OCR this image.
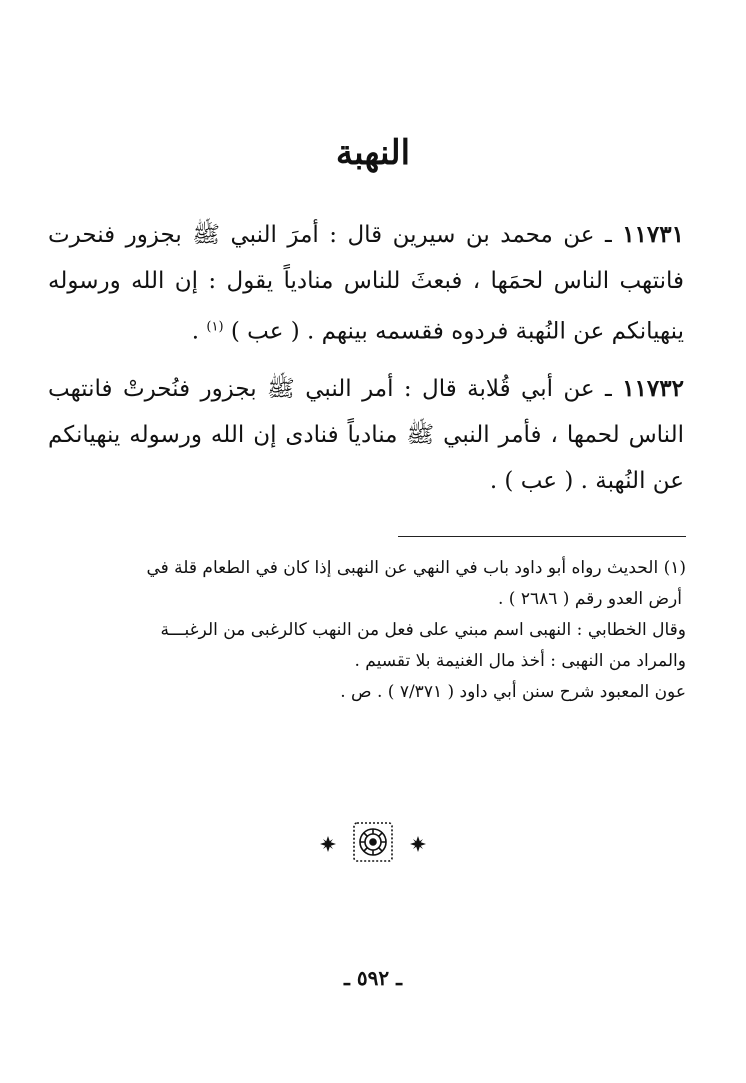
النهبة
١١٧٣١ ـ عن محمد بن سيرين قال : أمرَ النبي ﷺ بجزور فنحرت فانتهب الناس لحمَها ، فبعثَ للناس منادياً يقول : إن الله ورسوله ينهيانكم عن النُهبة فردوه فقسمه بينهم . ( عب ) $^{(١)}$ .
١١٧٣٢ ـ عن أبي قُلابة قال : أمر النبي ﷺ بجزور فنُحرتْ فانتهب الناس لحمها ، فأمر النبي ﷺ منادياً فنادى إن الله ورسوله ينهيانكم عن النُهبة . ( عب ) .
(١) الحديث رواه أبو داود باب في النهي عن النهبى إذا كان في الطعام قلة في
أرض العدو رقم ( ٢٦٨٦ ) .
وقال الخطابي : النهبى اسم مبني على فعل من النهب كالرغبى من الرغبـــة
والمراد من النهبى : أخذ مال الغنيمة بلا تقسيم .
عون المعبود شرح سنن أبي داود ( ٧/٣٧١ ) . ص .
ـ ٥٩٢ ـ
